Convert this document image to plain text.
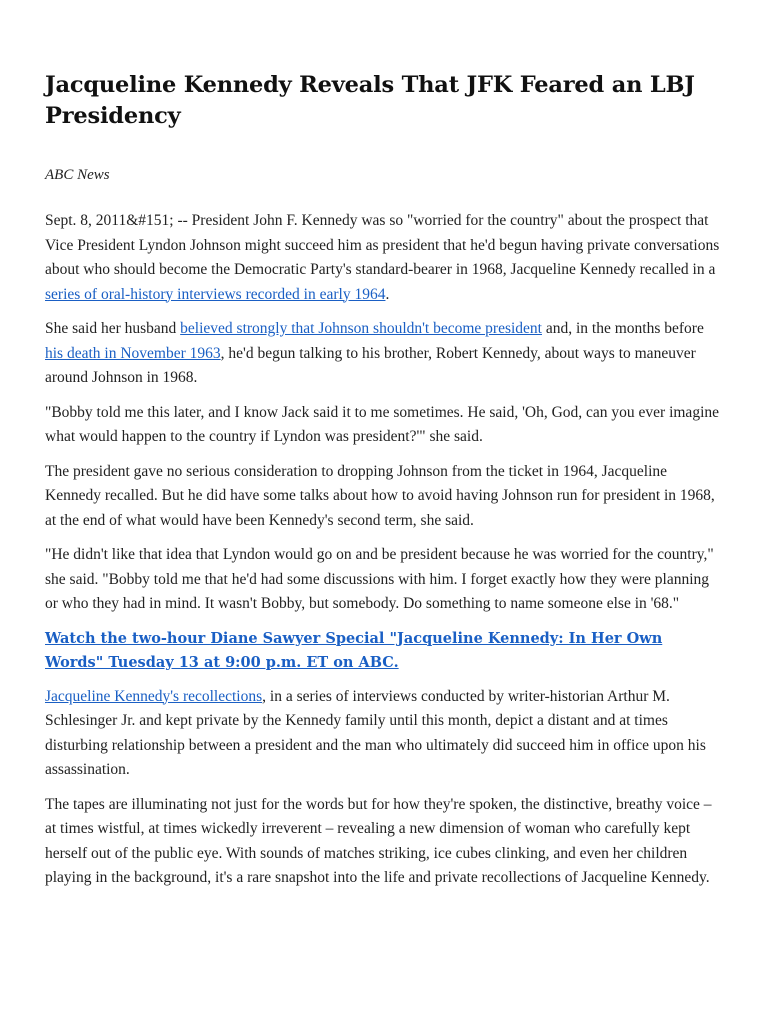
Jacqueline Kennedy Reveals That JFK Feared an LBJ Presidency
ABC News

Sept. 8, 2011&#151; -- President John F. Kennedy was so "worried for the country" about the prospect that Vice President Lyndon Johnson might succeed him as president that he'd begun having private conversations about who should become the Democratic Party's standard-bearer in 1968, Jacqueline Kennedy recalled in a series of oral-history interviews recorded in early 1964.

She said her husband believed strongly that Johnson shouldn't become president and, in the months before his death in November 1963, he'd begun talking to his brother, Robert Kennedy, about ways to maneuver around Johnson in 1968.

"Bobby told me this later, and I know Jack said it to me sometimes. He said, 'Oh, God, can you ever imagine what would happen to the country if Lyndon was president?'" she said.

The president gave no serious consideration to dropping Johnson from the ticket in 1964, Jacqueline Kennedy recalled. But he did have some talks about how to avoid having Johnson run for president in 1968, at the end of what would have been Kennedy's second term, she said.

"He didn't like that idea that Lyndon would go on and be president because he was worried for the country," she said. "Bobby told me that he'd had some discussions with him. I forget exactly how they were planning or who they had in mind. It wasn't Bobby, but somebody. Do something to name someone else in '68."

Watch the two-hour Diane Sawyer Special "Jacqueline Kennedy: In Her Own Words" Tuesday 13 at 9:00 p.m. ET on ABC.

Jacqueline Kennedy's recollections, in a series of interviews conducted by writer-historian Arthur M. Schlesinger Jr. and kept private by the Kennedy family until this month, depict a distant and at times disturbing relationship between a president and the man who ultimately did succeed him in office upon his assassination.

The tapes are illuminating not just for the words but for how they're spoken, the distinctive, breathy voice – at times wistful, at times wickedly irreverent – revealing a new dimension of woman who carefully kept herself out of the public eye. With sounds of matches striking, ice cubes clinking, and even her children playing in the background, it's a rare snapshot into the life and private recollections of Jacqueline Kennedy.
